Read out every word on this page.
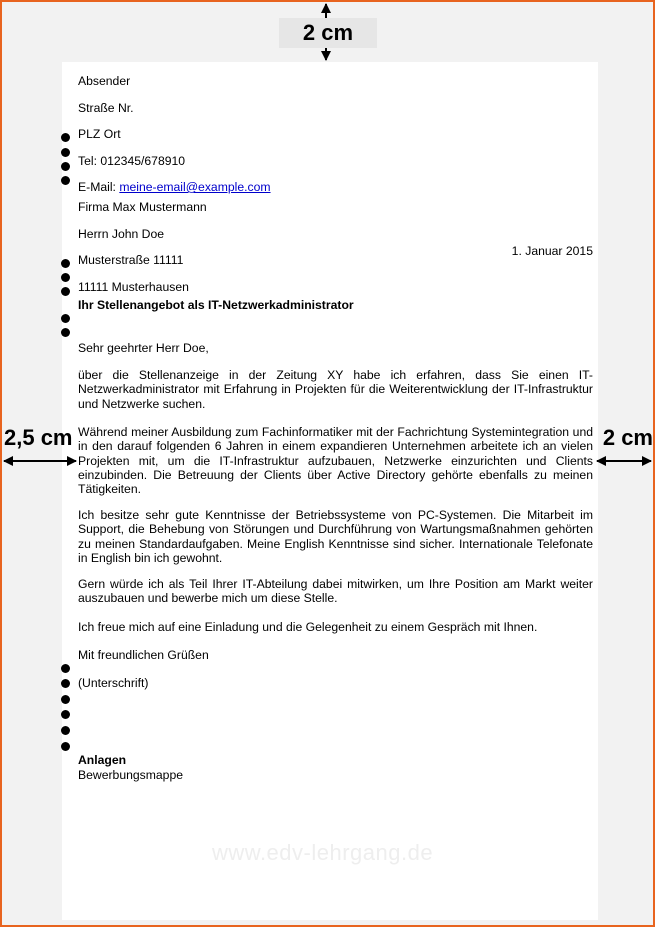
2 cm
2,5 cm	2 cm

Absender

Straße Nr.

PLZ Ort

Tel: 012345/678910

E-Mail: meine-email@example.com

Firma Max Mustermann

Herrn John Doe

Musterstraße 11111

11111 Musterhausen

1. Januar 2015
Ihr Stellenangebot als IT-Netzwerkadministrator
Sehr geehrter Herr Doe,
über die Stellenanzeige in der Zeitung XY habe ich erfahren, dass Sie einen IT-Netzwerkadministrator mit Erfahrung in Projekten für die Weiterentwicklung der IT-Infrastruktur und Netzwerke suchen.
Während meiner Ausbildung zum Fachinformatiker mit der Fachrichtung Systemintegration und in den darauf folgenden 6 Jahren in einem expandieren Unternehmen arbeitete ich an vielen Projekten mit, um die IT-Infrastruktur aufzubauen, Netzwerke einzurichten und Clients einzubinden. Die Betreuung der Clients über Active Directory gehörte ebenfalls zu meinen Tätigkeiten.
Ich besitze sehr gute Kenntnisse der Betriebssysteme von PC-Systemen. Die Mitarbeit im Support, die Behebung von Störungen und Durchführung von Wartungsmaßnahmen gehörten zu meinen Standardaufgaben. Meine English Kenntnisse sind sicher. Internationale Telefonate in English bin ich gewohnt.
Gern würde ich als Teil Ihrer IT-Abteilung dabei mitwirken, um Ihre Position am Markt weiter auszubauen und bewerbe mich um diese Stelle.
Ich freue mich auf eine Einladung und die Gelegenheit zu einem Gespräch mit Ihnen.
Mit freundlichen Grüßen
(Unterschrift)
Anlagen
Bewerbungsmappe
www.edv-lehrgang.de
